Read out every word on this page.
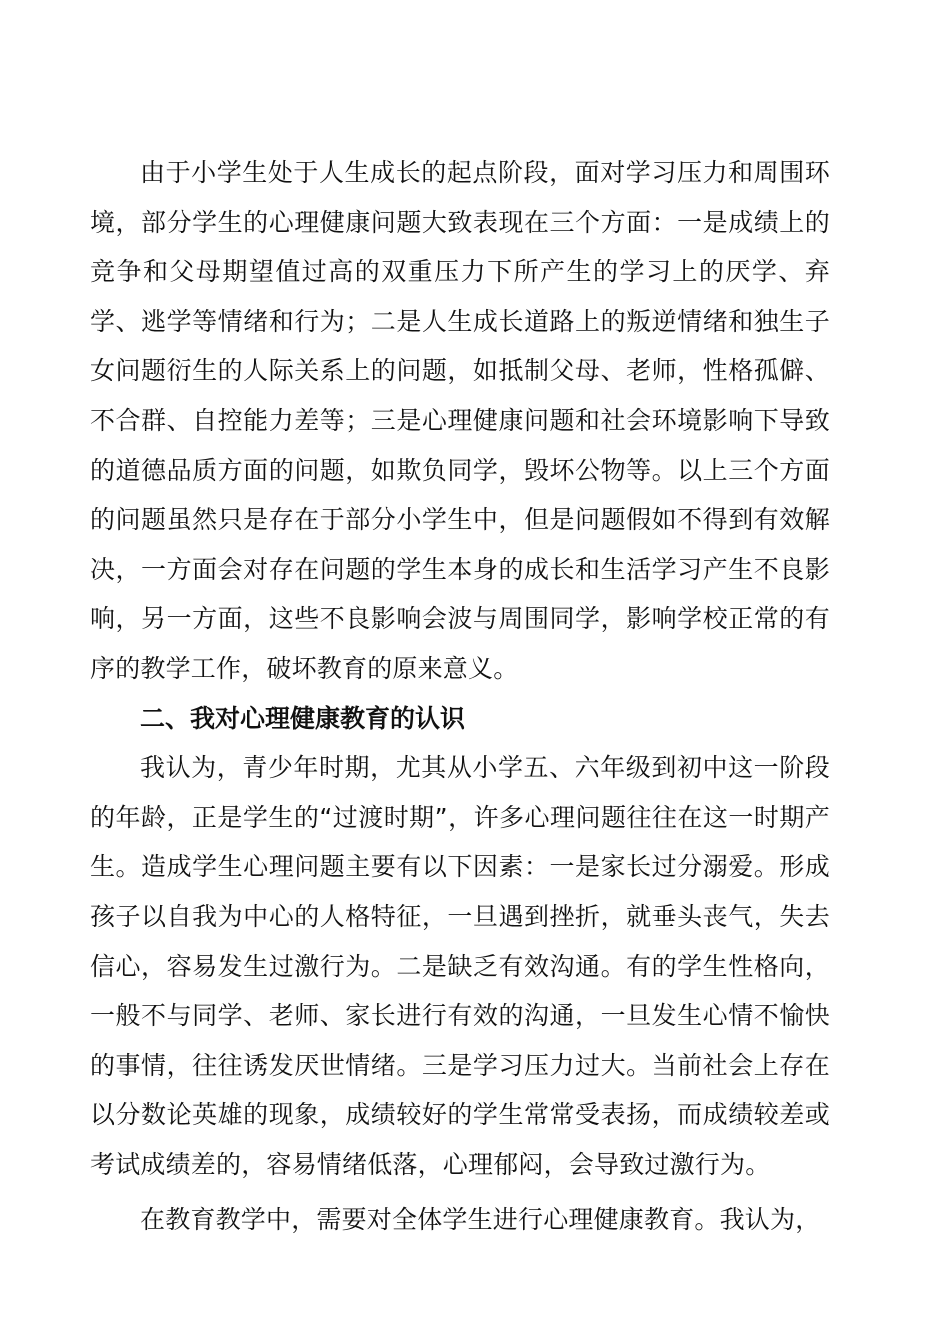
由于小学生处于人生成长的起点阶段，面对学习压力和周围环境，部分学生的心理健康问题大致表现在三个方面：一是成绩上的竞争和父母期望值过高的双重压力下所产生的学习上的厌学、弃学、逃学等情绪和行为；二是人生成长道路上的叛逆情绪和独生子女问题衍生的人际关系上的问题，如抵制父母、老师，性格孤僻、不合群、自控能力差等；三是心理健康问题和社会环境影响下导致的道德品质方面的问题，如欺负同学，毁坏公物等。以上三个方面的问题虽然只是存在于部分小学生中，但是问题假如不得到有效解决，一方面会对存在问题的学生本身的成长和生活学习产生不良影响，另一方面，这些不良影响会波与周围同学，影响学校正常的有序的教学工作，破坏教育的原来意义。

二、我对心理健康教育的认识

我认为，青少年时期，尤其从小学五、六年级到初中这一阶段的年龄，正是学生的“过渡时期”，许多心理问题往往在这一时期产生。造成学生心理问题主要有以下因素：一是家长过分溺爱。形成孩子以自我为中心的人格特征，一旦遇到挫折，就垂头丧气，失去信心，容易发生过激行为。二是缺乏有效沟通。有的学生性格向，一般不与同学、老师、家长进行有效的沟通，一旦发生心情不愉快的事情，往往诱发厌世情绪。三是学习压力过大。当前社会上存在以分数论英雄的现象，成绩较好的学生常常受表扬，而成绩较差或考试成绩差的，容易情绪低落，心理郁闷，会导致过激行为。

在教育教学中，需要对全体学生进行心理健康教育。我认为，
